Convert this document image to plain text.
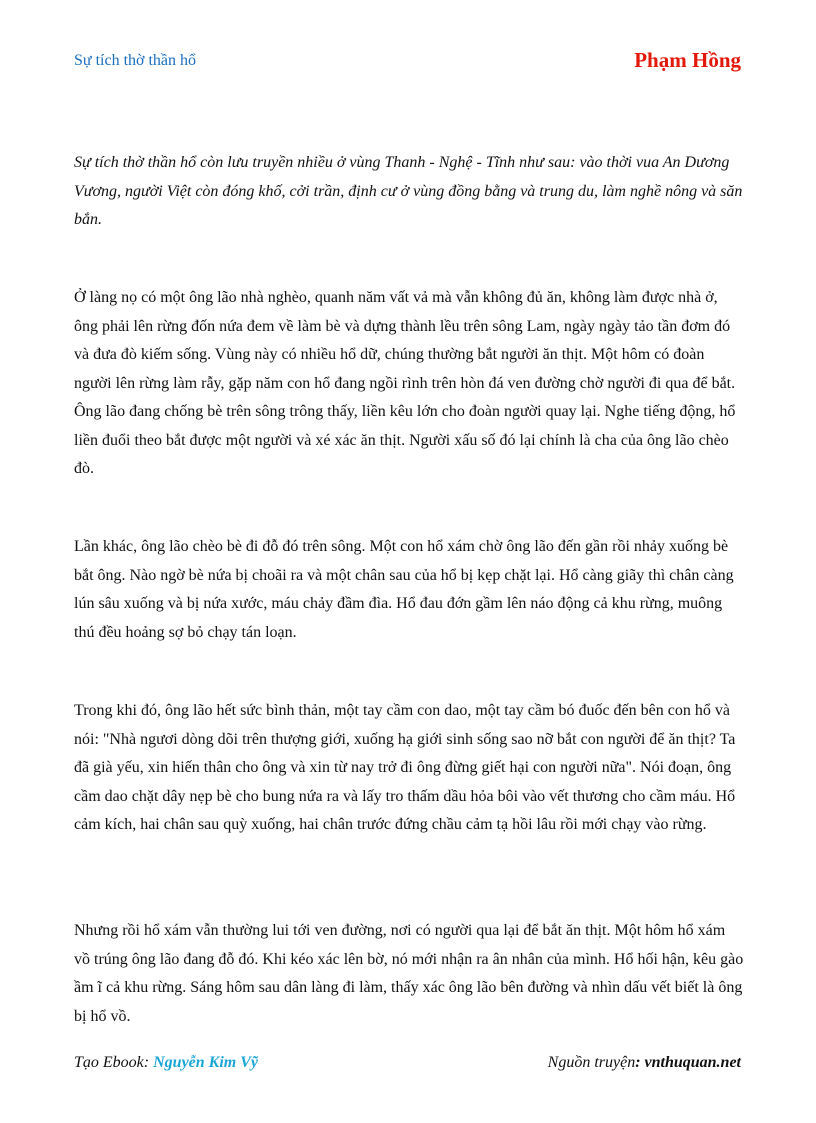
Sự tích thờ thần hổ	Phạm Hồng
Sự tích thờ thần hổ còn lưu truyền nhiều ở vùng Thanh - Nghệ - Tĩnh như sau: vào thời vua An Dương Vương, người Việt còn đóng khố, cởi trần, định cư ở vùng đồng bằng và trung du, làm nghề nông và săn bắn.
Ở làng nọ có một ông lão nhà nghèo, quanh năm vất vả mà vẫn không đủ ăn, không làm được nhà ở, ông phải lên rừng đốn nứa đem về làm bè và dựng thành lều trên sông Lam, ngày ngày tảo tần đơm đó và đưa đò kiếm sống. Vùng này có nhiều hổ dữ, chúng thường bắt người ăn thịt. Một hôm có đoàn người lên rừng làm rẫy, gặp năm con hổ đang ngồi rình trên hòn đá ven đường chờ người đi qua để bắt. Ông lão đang chống bè trên sông trông thấy, liền kêu lớn cho đoàn người quay lại. Nghe tiếng động, hổ liền đuổi theo bắt được một người và xé xác ăn thịt. Người xấu số đó lại chính là cha của ông lão chèo đò.
Lần khác, ông lão chèo bè đi đỗ đó trên sông. Một con hổ xám chờ ông lão đến gần rồi nhảy xuống bè bắt ông. Nào ngờ bè nứa bị choãi ra và một chân sau của hổ bị kẹp chặt lại. Hổ càng giãy thì chân càng lún sâu xuống và bị nứa xước, máu chảy đầm đìa. Hổ đau đớn gầm lên náo động cả khu rừng, muông thú đều hoảng sợ bỏ chạy tán loạn.
Trong khi đó, ông lão hết sức bình thản, một tay cầm con dao, một tay cầm bó đuốc đến bên con hổ và nói: "Nhà ngươi dòng dõi trên thượng giới, xuống hạ giới sinh sống sao nỡ bắt con người để ăn thịt? Ta đã già yếu, xin hiến thân cho ông và xin từ nay trở đi ông đừng giết hại con người nữa". Nói đoạn, ông cầm dao chặt dây nẹp bè cho bung nứa ra và lấy tro thấm dầu hỏa bôi vào vết thương cho cầm máu. Hổ cảm kích, hai chân sau quỳ xuống, hai chân trước đứng chầu cảm tạ hồi lâu rồi mới chạy vào rừng.
Nhưng rồi hổ xám vẫn thường lui tới ven đường, nơi có người qua lại để bắt ăn thịt. Một hôm hổ xám vồ trúng ông lão đang đỗ đó. Khi kéo xác lên bờ, nó mới nhận ra ân nhân của mình. Hổ hối hận, kêu gào ầm ĩ cả khu rừng. Sáng hôm sau dân làng đi làm, thấy xác ông lão bên đường và nhìn dấu vết biết là ông bị hổ vồ.
Tạo Ebook: Nguyễn Kim Vỹ	Nguồn truyện: vnthuquan.net
